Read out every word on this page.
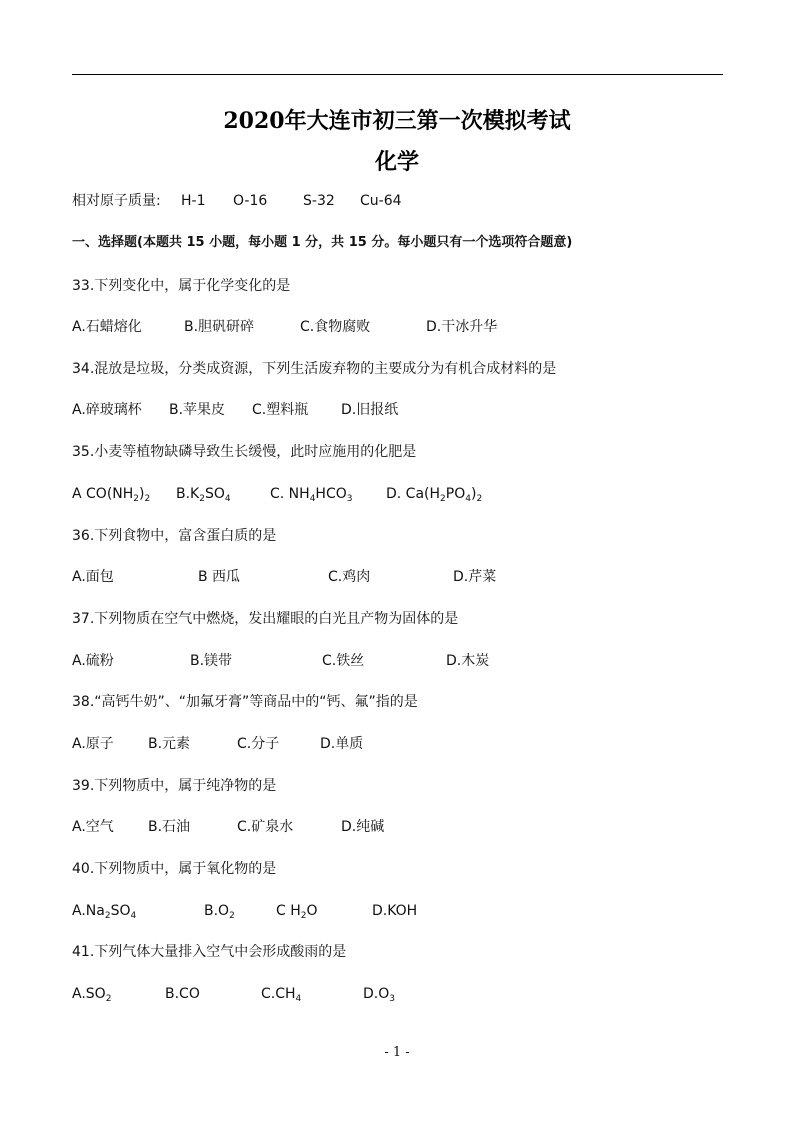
2020年大连市初三第一次模拟考试
化学
相对原子质量: H-1 O-16	S-32 Cu-64
一、选择题(本题共 15 小题，每小题 1 分，共 15 分。每小题只有一个选项符合题意)
33.下列变化中，属于化学变化的是
A.石蜡熔化	B.胆矾研碎	C.食物腐败	D.干冰升华
34.混放是垃圾，分类成资源，下列生活废弃物的主要成分为有机合成材料的是
A.碎玻璃杯 B.苹果皮 C.塑料瓶 D.旧报纸
35.小麦等植物缺磷导致生长缓慢，此时应施用的化肥是
A $CO(NH_2)_2$ $B.K_2SO_4$	C. $NH_4HCO_3$ D. $Ca(H_2PO_4)_2$
36.下列食物中，富含蛋白质的是
A.面包	B 西瓜	C.鸡肉	D.芹菜
37.下列物质在空气中燃烧，发出耀眼的白光且产物为固体的是
A.硫粉	B.镁带	C.铁丝	D.木炭
38.“高钙牛奶”、“加氟牙膏”等商品中的“钙、氟”指的是
A.原子 B.元素	C.分子	D.单质
39.下列物质中，属于纯净物的是
A.空气 B.石油	C.矿泉水	D.纯碱
40.下列物质中，属于氧化物的是
$A.Na_2SO_4$	$B.O_2$	C $H_2O$	D.KOH
41.下列气体大量排入空气中会形成酸雨的是
$A.SO_2$	B.CO	$C.CH_4$	$D.O_3$
- 1 -
